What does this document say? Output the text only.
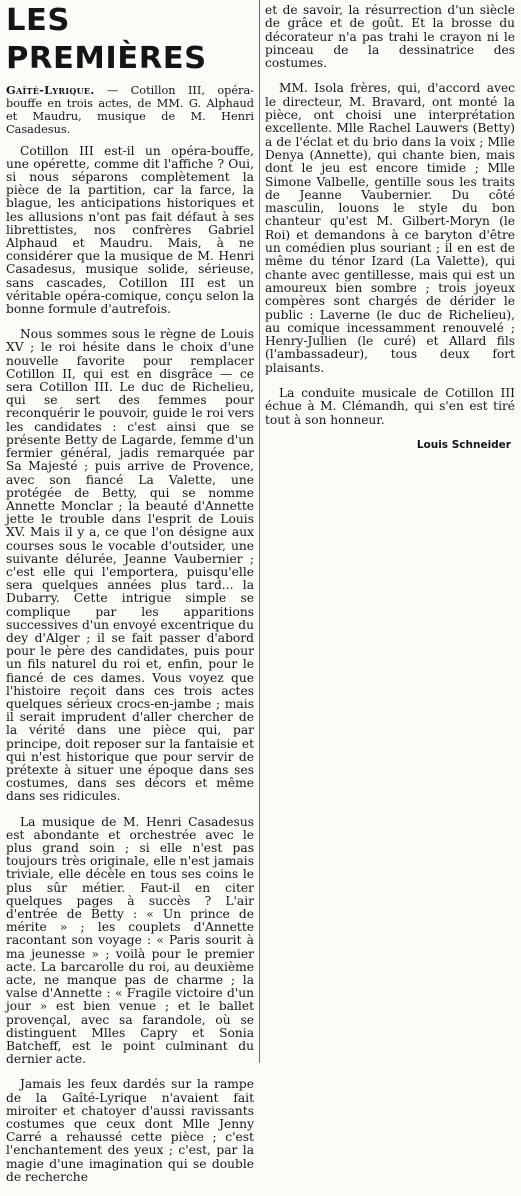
LES PREMIÈRES
Gaîté-Lyrique. — Cotillon III, opéra-bouffe en trois actes, de MM. G. Alphaud et Maudru, musique de M. Henri Casadesus.

Cotillon III est-il un opéra-bouffe, une opérette, comme dit l'affiche ? Oui, si nous séparons complètement la pièce de la partition, car la farce, la blague, les anticipations historiques et les allusions n'ont pas fait défaut à ses librettistes, nos confrères Gabriel Alphaud et Maudru. Mais, à ne considérer que la musique de M. Henri Casadesus, musique solide, sérieuse, sans cascades, Cotillon III est un véritable opéra-comique, conçu selon la bonne formule d'autrefois.

Nous sommes sous le règne de Louis XV ; le roi hésite dans le choix d'une nouvelle favorite pour remplacer Cotillon II, qui est en disgrâce — ce sera Cotillon III. Le duc de Richelieu, qui se sert des femmes pour reconquérir le pouvoir, guide le roi vers les candidates : c'est ainsi que se présente Betty de Lagarde, femme d'un fermier général, jadis remarquée par Sa Majesté ; puis arrive de Provence, avec son fiancé La Valette, une protégée de Betty, qui se nomme Annette Monclar ; la beauté d'Annette jette le trouble dans l'esprit de Louis XV. Mais il y a, ce que l'on désigne aux courses sous le vocable d'outsider, une suivante délurée, Jeanne Vaubernier ; c'est elle qui l'emportera, puisqu'elle sera quelques années plus tard... la Dubarry. Cette intrigue simple se complique par les apparitions successives d'un envoyé excentrique du dey d'Alger ; il se fait passer d'abord pour le père des candidates, puis pour un fils naturel du roi et, enfin, pour le fiancé de ces dames. Vous voyez que l'histoire reçoit dans ces trois actes quelques sérieux crocs-en-jambe ; mais il serait imprudent d'aller chercher de la vérité dans une pièce qui, par principe, doit reposer sur la fantaisie et qui n'est historique que pour servir de prétexte à situer une époque dans ses costumes, dans ses décors et même dans ses ridicules.

La musique de M. Henri Casadesus est abondante et orchestrée avec le plus grand soin ; si elle n'est pas toujours très originale, elle n'est jamais triviale, elle décèle en tous ses coins le plus sûr métier. Faut-il en citer quelques pages à succès ? L'air d'entrée de Betty : « Un prince de mérite » ; les couplets d'Annette racontant son voyage : « Paris sourit à ma jeunesse » ; voilà pour le premier acte. La barcarolle du roi, au deuxième acte, ne manque pas de charme ; la valse d'Annette : « Fragile victoire d'un jour » est bien venue ; et le ballet provençal, avec sa farandole, où se distinguent Mlles Capry et Sonia Batcheff, est le point culminant du dernier acte.

Jamais les feux dardés sur la rampe de la Gaîté-Lyrique n'avaient fait miroiter et chatoyer d'aussi ravissants costumes que ceux dont Mlle Jenny Carré a rehaussé cette pièce ; c'est l'enchantement des yeux ; c'est, par la magie d'une imagination qui se double de recherche

et de savoir, la résurrection d'un siècle de grâce et de goût. Et la brosse du décorateur n'a pas trahi le crayon ni le pinceau de la dessinatrice des costumes.

MM. Isola frères, qui, d'accord avec le directeur, M. Bravard, ont monté la pièce, ont choisi une interprétation excellente. Mlle Rachel Lauwers (Betty) a de l'éclat et du brio dans la voix ; Mlle Denya (Annette), qui chante bien, mais dont le jeu est encore timide ; Mlle Simone Valbelle, gentille sous les traits de Jeanne Vaubernier. Du côté masculin, louons le style du bon chanteur qu'est M. Gilbert-Moryn (le Roi) et demandons à ce baryton d'être un comédien plus souriant ; il en est de même du ténor Izard (La Valette), qui chante avec gentillesse, mais qui est un amoureux bien sombre ; trois joyeux compères sont chargés de dérider le public : Laverne (le duc de Richelieu), au comique incessamment renouvelé ; Henry-Jullien (le curé) et Allard fils (l'ambassadeur), tous deux fort plaisants.

La conduite musicale de Cotillon III échue à M. Clémandh, qui s'en est tiré tout à son honneur.

Louis Schneider
